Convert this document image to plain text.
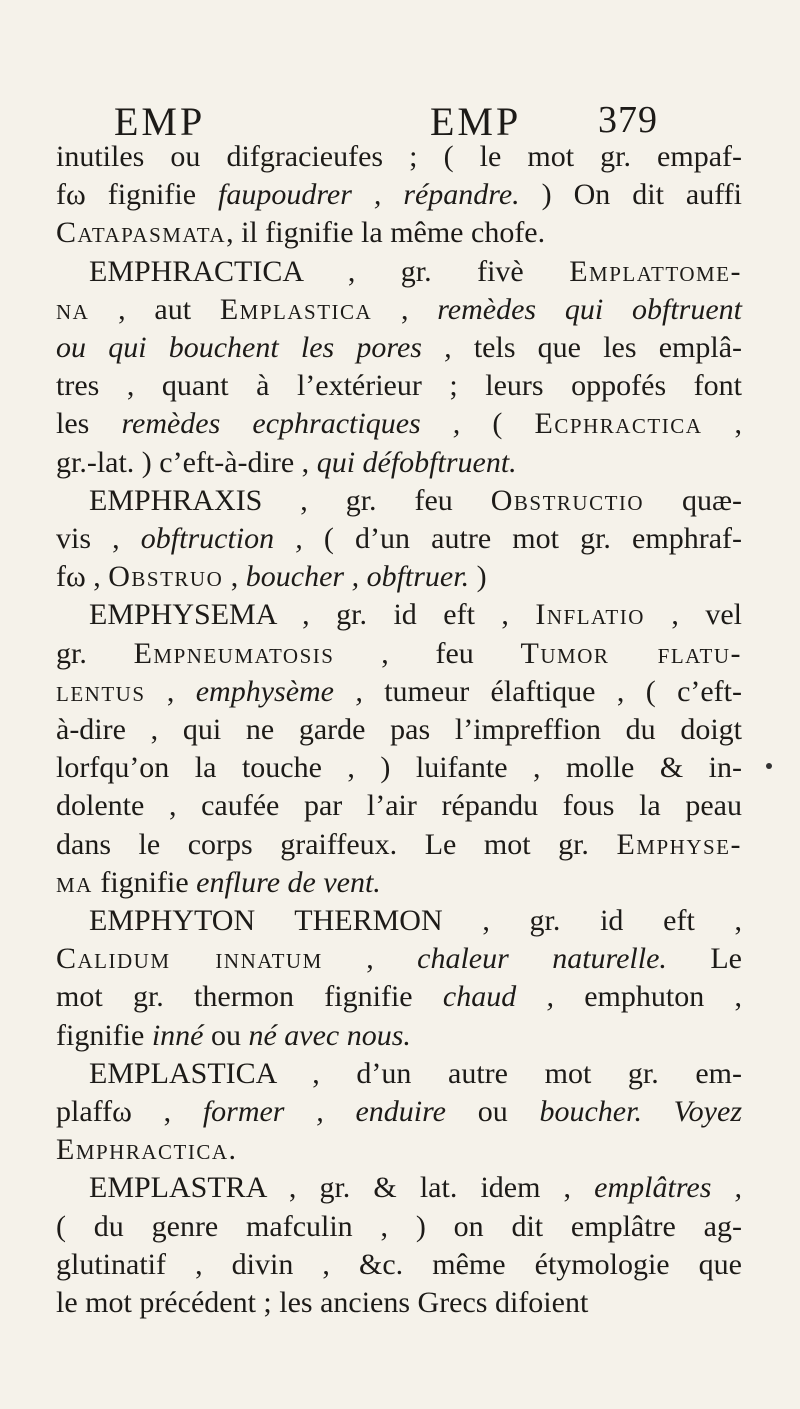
EMP	EMP 379
inutiles ou difgracieufes ; ( le mot gr. empaf-
fω fignifie faupoudrer , répandre. ) On dit auffi
Catapasmata, il fignifie la même chofe.
EMPHRACTICA , gr. fivè Emplattome-
na , aut Emplastica , remèdes qui obftruent
ou qui bouchent les pores , tels que les emplâ-
tres , quant à l’extérieur ; leurs oppofés font
les remèdes ecphractiques , ( Ecphractica ,
gr.-lat. ) c’eft-à-dire , qui défobftruent.
EMPHRAXIS , gr. feu Obstructio quæ-
vis , obftruction , ( d’un autre mot gr. emphraf-
fω , Obstruo , boucher , obftruer. )
EMPHYSEMA , gr. id eft , Inflatio , vel
gr. Empneumatosis , feu Tumor flatu-
lentus , emphysème , tumeur élaftique , ( c’eft-
à-dire , qui ne garde pas l’impreffion du doigt
lorfqu’on la touche , ) luifante , molle & in-
dolente , caufée par l’air répandu fous la peau
dans le corps graiffeux. Le mot gr. Emphyse-
ma fignifie enflure de vent.
EMPHYTON THERMON , gr. id eft ,
Calidum innatum , chaleur naturelle. Le
mot gr. thermon fignifie chaud , emphuton ,
fignifie inné ou né avec nous.
EMPLASTICA , d’un autre mot gr. em-
plaffω , former , enduire ou boucher. Voyez
Emphractica.
EMPLASTRA , gr. & lat. idem , emplâtres ,
( du genre mafculin , ) on dit emplâtre ag-
glutinatif , divin , &c. même étymologie que
le mot précédent ; les anciens Grecs difoient
